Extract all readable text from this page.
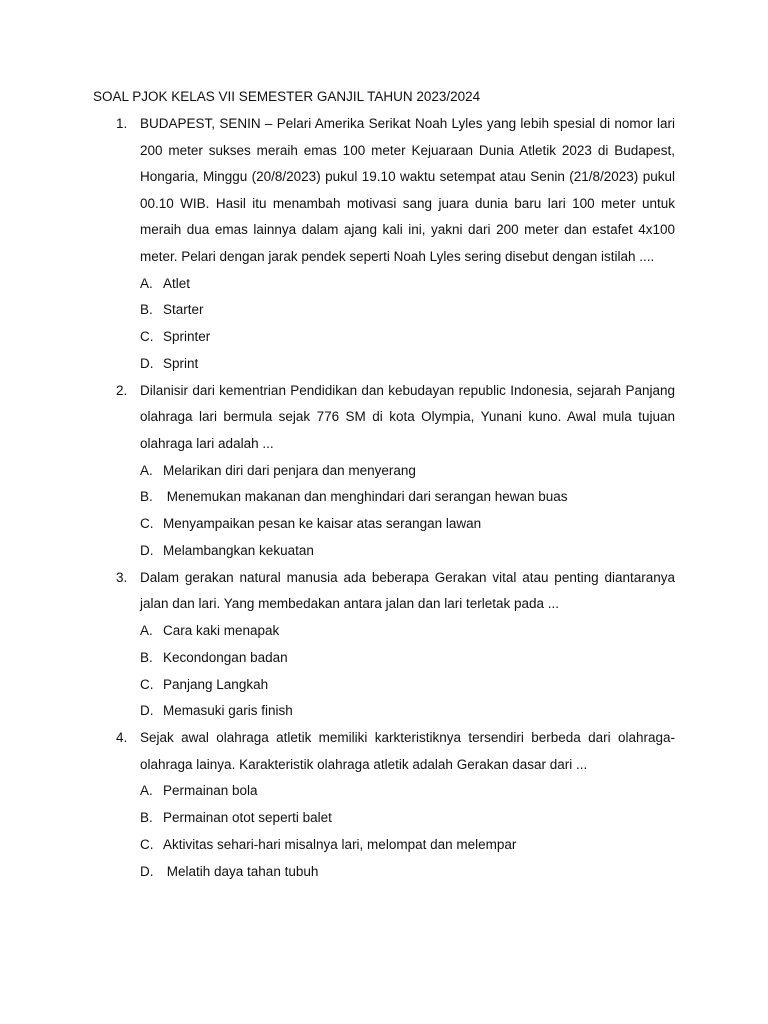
SOAL PJOK KELAS VII SEMESTER GANJIL TAHUN 2023/2024
1. BUDAPEST, SENIN – Pelari Amerika Serikat Noah Lyles yang lebih spesial di nomor lari 200 meter sukses meraih emas 100 meter Kejuaraan Dunia Atletik 2023 di Budapest, Hongaria, Minggu (20/8/2023) pukul 19.10 waktu setempat atau Senin (21/8/2023) pukul 00.10 WIB. Hasil itu menambah motivasi sang juara dunia baru lari 100 meter untuk meraih dua emas lainnya dalam ajang kali ini, yakni dari 200 meter dan estafet 4x100 meter. Pelari dengan jarak pendek seperti Noah Lyles sering disebut dengan istilah ....
A. Atlet
B. Starter
C. Sprinter
D. Sprint
2. Dilanisir dari kementrian Pendidikan dan kebudayan republic Indonesia, sejarah Panjang olahraga lari bermula sejak 776 SM di kota Olympia, Yunani kuno. Awal mula tujuan olahraga lari adalah ...
A. Melarikan diri dari penjara dan menyerang
B. Menemukan makanan dan menghindari dari serangan hewan buas
C. Menyampaikan pesan ke kaisar atas serangan lawan
D. Melambangkan kekuatan
3. Dalam gerakan natural manusia ada beberapa Gerakan vital atau penting diantaranya jalan dan lari. Yang membedakan antara jalan dan lari terletak pada ...
A. Cara kaki menapak
B. Kecondongan badan
C. Panjang Langkah
D. Memasuki garis finish
4. Sejak awal olahraga atletik memiliki karkteristiknya tersendiri berbeda dari olahraga-olahraga lainya. Karakteristik olahraga atletik adalah Gerakan dasar dari ...
A. Permainan bola
B. Permainan otot seperti balet
C. Aktivitas sehari-hari misalnya lari, melompat dan melempar
D. Melatih daya tahan tubuh
